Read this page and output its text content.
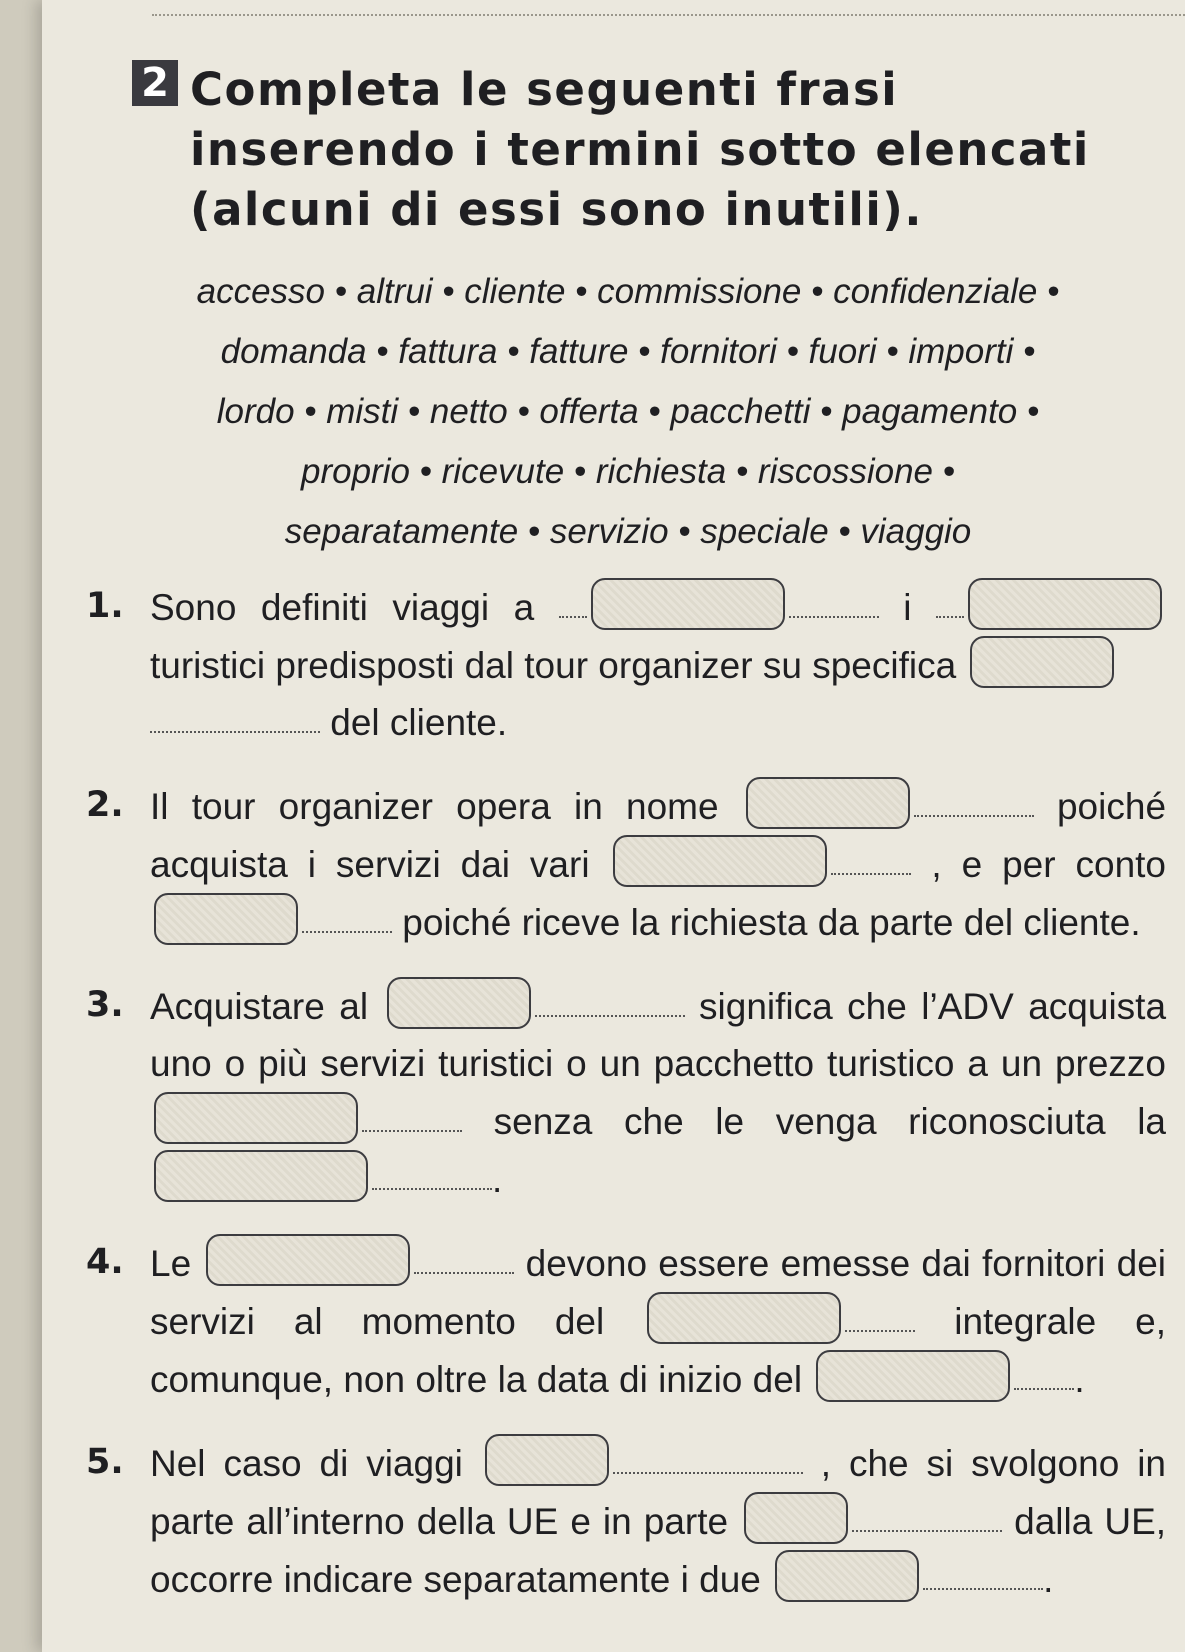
2 Completa le seguenti frasi inserendo i termini sotto elencati (alcuni di essi sono inutili).

accesso • altrui • cliente • commissione • confidenziale •
domanda • fattura • fatture • fornitori • fuori • importi •
lordo • misti • netto • offerta • pacchetti • pagamento •
proprio • ricevute • richiesta • riscossione •
separatamente • servizio • speciale • viaggio
1. Sono definiti viaggi a	i  turistici predisposti dal tour organizer su specifica
del cliente.
2. Il tour organizer opera in nome	poiché acquista i servizi dai vari	, e per conto  poiché riceve la richiesta da parte del cliente.
3. Acquistare al	significa che l’ADV acquista uno o più servizi turistici o un pacchetto turistico a un prezzo  senza che le venga riconosciuta la .
4. Le	devono essere emesse dai fornitori dei servizi al momento del	integrale e, comunque, non oltre la data di inizio del	.
5. Nel caso di viaggi	, che si svolgono in parte all’interno della UE e in parte	dalla UE, occorre indicare separatamente i due	.
